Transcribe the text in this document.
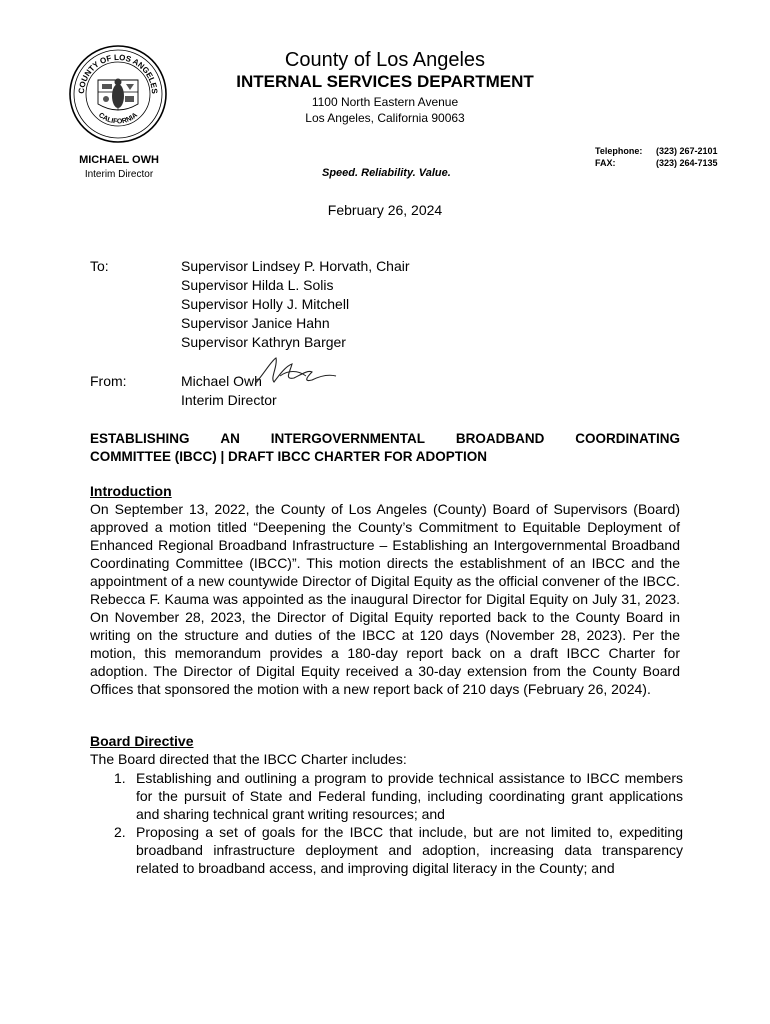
COUNTY OF LOS ANGELES
CALIFORNIA
County of Los Angeles
INTERNAL SERVICES DEPARTMENT
1100 North Eastern Avenue
Los Angeles, California 90063
MICHAEL OWH
Interim Director	Speed. Reliability. Value.
Telephone: (323) 267-2101
FAX:	(323) 264-7135
February 26, 2024
To:	Supervisor Lindsey P. Horvath, Chair
Supervisor Hilda L. Solis
Supervisor Holly J. Mitchell
Supervisor Janice Hahn
Supervisor Kathryn Barger
From:	Michael Owh
Interim Director
ESTABLISHING AN INTERGOVERNMENTAL BROADBAND COORDINATING
COMMITTEE (IBCC) | DRAFT IBCC CHARTER FOR ADOPTION
Introduction
On September 13, 2022, the County of Los Angeles (County) Board of Supervisors (Board) approved a motion titled “Deepening the County’s Commitment to Equitable Deployment of Enhanced Regional Broadband Infrastructure – Establishing an Intergovernmental Broadband Coordinating Committee (IBCC)”. This motion directs the establishment of an IBCC and the appointment of a new countywide Director of Digital Equity as the official convener of the IBCC. Rebecca F. Kauma was appointed as the inaugural Director for Digital Equity on July 31, 2023. On November 28, 2023, the Director of Digital Equity reported back to the County Board in writing on the structure and duties of the IBCC at 120 days (November 28, 2023). Per the motion, this memorandum provides a 180-day report back on a draft IBCC Charter for adoption. The Director of Digital Equity received a 30-day extension from the County Board Offices that sponsored the motion with a new report back of 210 days (February 26, 2024).
Board Directive
The Board directed that the IBCC Charter includes:
1. Establishing and outlining a program to provide technical assistance to IBCC members for the pursuit of State and Federal funding, including coordinating grant applications and sharing technical grant writing resources; and
2. Proposing a set of goals for the IBCC that include, but are not limited to, expediting broadband infrastructure deployment and adoption, increasing data transparency related to broadband access, and improving digital literacy in the County; and
